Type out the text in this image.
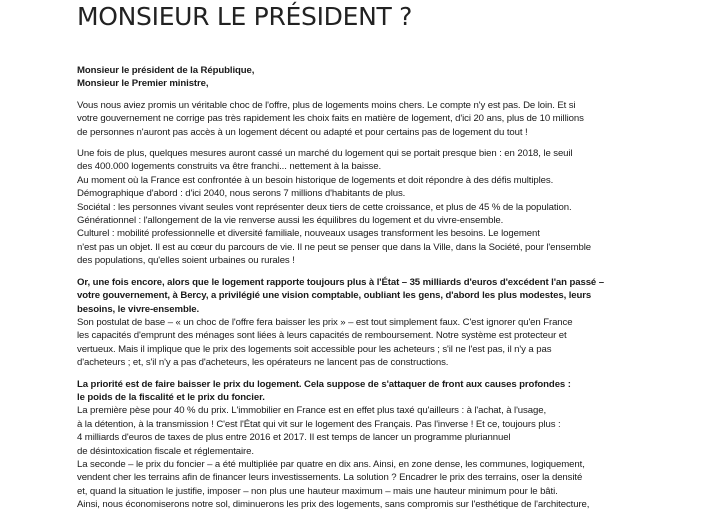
MONSIEUR LE PRÉSIDENT ?

Monsieur le président de la République,

Monsieur le Premier ministre,

Vous nous aviez promis un véritable choc de l'offre, plus de logements moins chers. Le compte n'y est pas. De loin. Et si
votre gouvernement ne corrige pas très rapidement les choix faits en matière de logement, d'ici 20 ans, plus de 10 millions
de personnes n'auront pas accès à un logement décent ou adapté et pour certains pas de logement du tout !
Une fois de plus, quelques mesures auront cassé un marché du logement qui se portait presque bien : en 2018, le seuil
des 400.000 logements construits va être franchi... nettement à la baisse.
Au moment où la France est confrontée à un besoin historique de logements et doit répondre à des défis multiples.
Démographique d'abord : d'ici 2040, nous serons 7 millions d'habitants de plus.
Sociétal : les personnes vivant seules vont représenter deux tiers de cette croissance, et plus de 45 % de la population.
Générationnel : l'allongement de la vie renverse aussi les équilibres du logement et du vivre-ensemble.
Culturel : mobilité professionnelle et diversité familiale, nouveaux usages transforment les besoins. Le logement
n'est pas un objet. Il est au cœur du parcours de vie. Il ne peut se penser que dans la Ville, dans la Société, pour l'ensemble
des populations, qu'elles soient urbaines ou rurales !
Or, une fois encore, alors que le logement rapporte toujours plus à l'État – 35 milliards d'euros d'excédent l'an passé –
votre gouvernement, à Bercy, a privilégié une vision comptable, oubliant les gens, d'abord les plus modestes, leurs
besoins, le vivre-ensemble.
Son postulat de base – « un choc de l'offre fera baisser les prix » – est tout simplement faux. C'est ignorer qu'en France
les capacités d'emprunt des ménages sont liées à leurs capacités de remboursement. Notre système est protecteur et
vertueux. Mais il implique que le prix des logements soit accessible pour les acheteurs ; s'il ne l'est pas, il n'y a pas
d'acheteurs ; et, s'il n'y a pas d'acheteurs, les opérateurs ne lancent pas de constructions.
La priorité est de faire baisser le prix du logement. Cela suppose de s'attaquer de front aux causes profondes :
le poids de la fiscalité et le prix du foncier.
La première pèse pour 40 % du prix. L'immobilier en France est en effet plus taxé qu'ailleurs : à l'achat, à l'usage,
à la détention, à la transmission ! C'est l'État qui vit sur le logement des Français. Pas l'inverse ! Et ce, toujours plus :
4 milliards d'euros de taxes de plus entre 2016 et 2017. Il est temps de lancer un programme pluriannuel
de désintoxication fiscale et réglementaire.
La seconde – le prix du foncier – a été multipliée par quatre en dix ans. Ainsi, en zone dense, les communes, logiquement,
vendent cher les terrains afin de financer leurs investissements. La solution ? Encadrer le prix des terrains, oser la densité
et, quand la situation le justifie, imposer – non plus une hauteur maximum – mais une hauteur minimum pour le bâti.
Ainsi, nous économiserons notre sol, diminuerons les prix des logements, sans compromis sur l'esthétique de l'architecture,
